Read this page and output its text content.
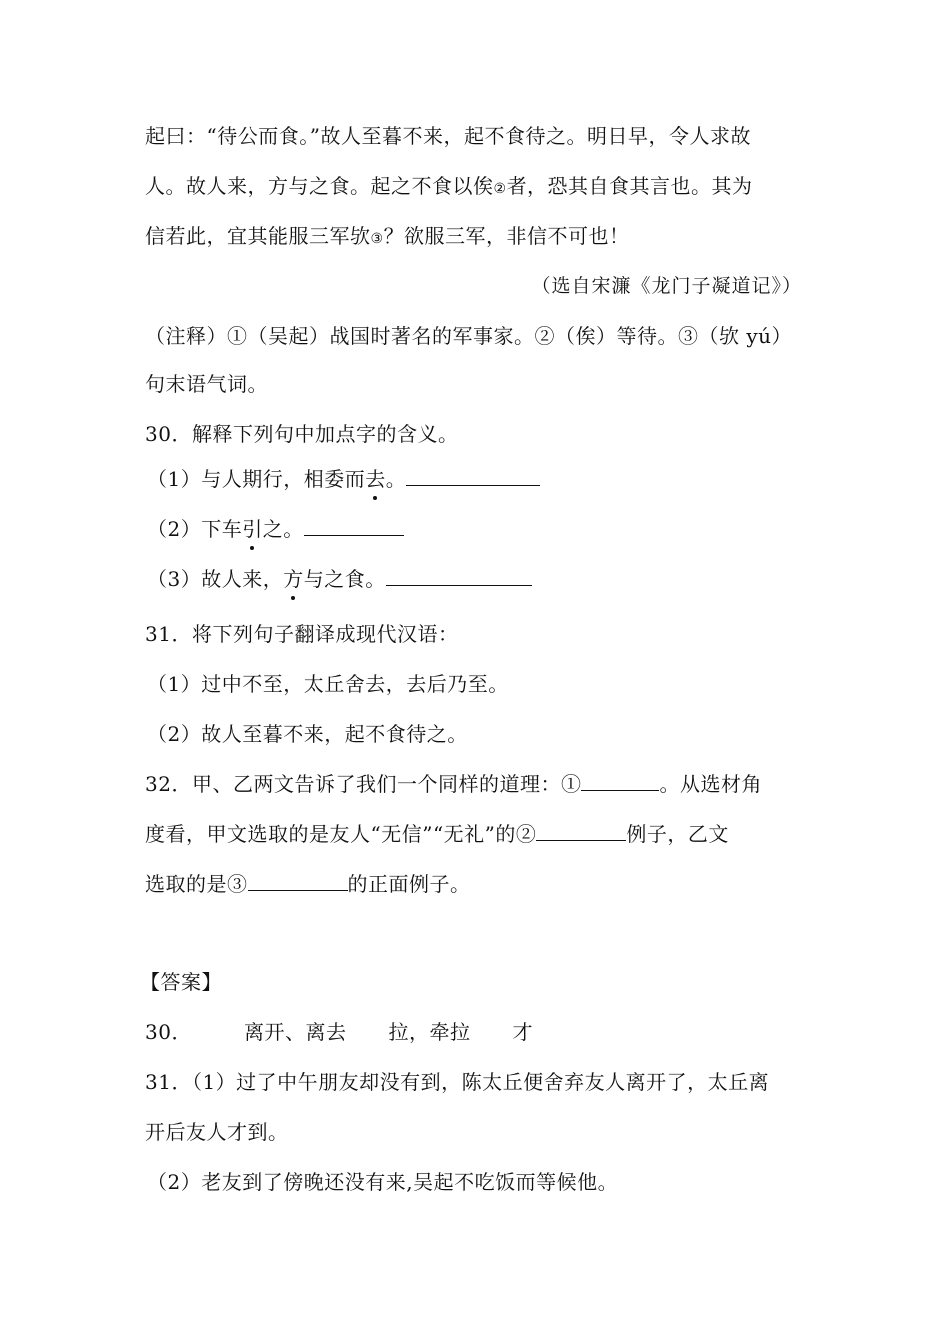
起曰：“待公而食。”故人至暮不来，起不食待之。明日早，令人求故
人。故人来，方与之食。起之不食以俟②者，恐其自食其言也。其为
信若此，宜其能服三军欤③？欲服三军，非信不可也！
（选自宋濂《龙门子凝道记》）
（注释）①（吴起）战国时著名的军事家。②（俟）等待。③（欤 yú）
句末语气词。
30．解释下列句中加点字的含义。
（1）与人期行，相委而去。
（2）下车引之。
（3）故人来，方与之食。
31．将下列句子翻译成现代汉语：
（1）过中不至，太丘舍去，去后乃至。
（2）故人至暮不来，起不食待之。
32．甲、乙两文告诉了我们一个同样的道理：①	。从选材角
度看，甲文选取的是友人“无信”“无礼”的②	例子，乙文
选取的是③	的正面例子。
【答案】
30．	离开、离去 拉，牵拉 才
31．（1）过了中午朋友却没有到，陈太丘便舍弃友人离开了，太丘离
开后友人才到。
（2）老友到了傍晚还没有来,吴起不吃饭而等候他。
